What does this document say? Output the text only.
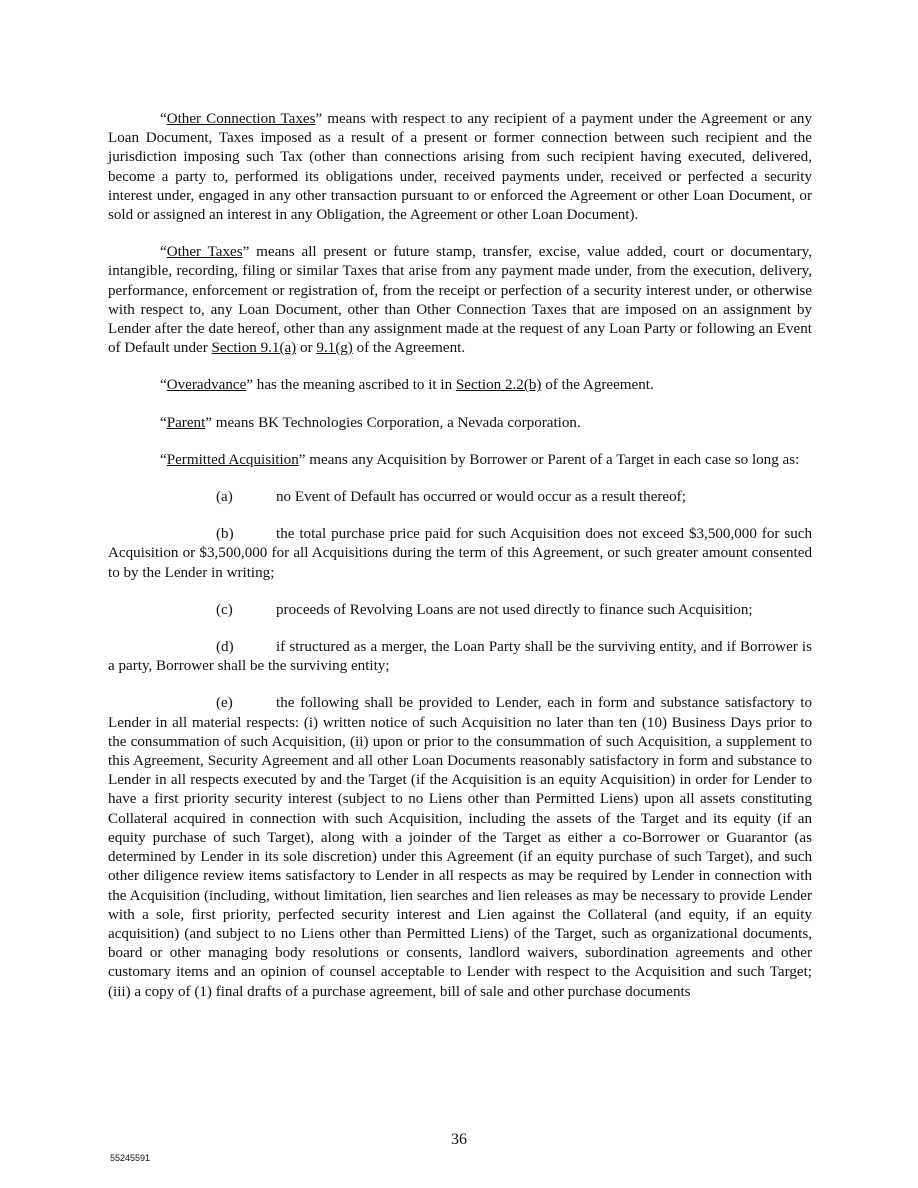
“Other Connection Taxes” means with respect to any recipient of a payment under the Agreement or any Loan Document, Taxes imposed as a result of a present or former connection between such recipient and the jurisdiction imposing such Tax (other than connections arising from such recipient having executed, delivered, become a party to, performed its obligations under, received payments under, received or perfected a security interest under, engaged in any other transaction pursuant to or enforced the Agreement or other Loan Document, or sold or assigned an interest in any Obligation, the Agreement or other Loan Document).

“Other Taxes” means all present or future stamp, transfer, excise, value added, court or documentary, intangible, recording, filing or similar Taxes that arise from any payment made under, from the execution, delivery, performance, enforcement or registration of, from the receipt or perfection of a security interest under, or otherwise with respect to, any Loan Document, other than Other Connection Taxes that are imposed on an assignment by Lender after the date hereof, other than any assignment made at the request of any Loan Party or following an Event of Default under Section 9.1(a) or 9.1(g) of the Agreement.

“Overadvance” has the meaning ascribed to it in Section 2.2(b) of the Agreement.

“Parent” means BK Technologies Corporation, a Nevada corporation.

“Permitted Acquisition” means any Acquisition by Borrower or Parent of a Target in each case so long as:

(a)	no Event of Default has occurred or would occur as a result thereof;

(b)	the total purchase price paid for such Acquisition does not exceed $3,500,000 for such Acquisition or $3,500,000 for all Acquisitions during the term of this Agreement, or such greater amount consented to by the Lender in writing;

(c)	proceeds of Revolving Loans are not used directly to finance such Acquisition;

(d)	if structured as a merger, the Loan Party shall be the surviving entity, and if Borrower is a party, Borrower shall be the surviving entity;

(e)	the following shall be provided to Lender, each in form and substance satisfactory to Lender in all material respects: (i) written notice of such Acquisition no later than ten (10) Business Days prior to the consummation of such Acquisition, (ii) upon or prior to the consummation of such Acquisition, a supplement to this Agreement, Security Agreement and all other Loan Documents reasonably satisfactory in form and substance to Lender in all respects executed by and the Target (if the Acquisition is an equity Acquisition) in order for Lender to have a first priority security interest (subject to no Liens other than Permitted Liens) upon all assets constituting Collateral acquired in connection with such Acquisition, including the assets of the Target and its equity (if an equity purchase of such Target), along with a joinder of the Target as either a co-Borrower or Guarantor (as determined by Lender in its sole discretion) under this Agreement (if an equity purchase of such Target), and such other diligence review items satisfactory to Lender in all respects as may be required by Lender in connection with the Acquisition (including, without limitation, lien searches and lien releases as may be necessary to provide Lender with a sole, first priority, perfected security interest and Lien against the Collateral (and equity, if an equity acquisition) (and subject to no Liens other than Permitted Liens) of the Target, such as organizational documents, board or other managing body resolutions or consents, landlord waivers, subordination agreements and other customary items and an opinion of counsel acceptable to Lender with respect to the Acquisition and such Target; (iii) a copy of (1) final drafts of a purchase agreement, bill of sale and other purchase documents

36
55245591
